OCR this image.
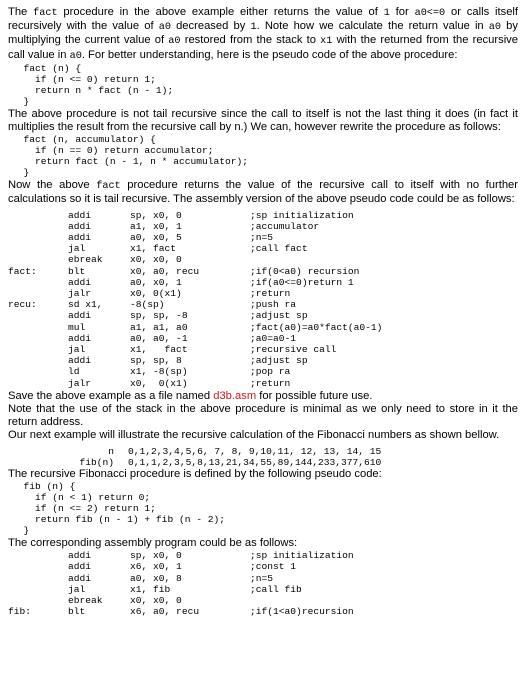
The fact procedure in the above example either returns the value of 1 for a0<=0 or calls itself recursively with the value of a0 decreased by 1. Note how we calculate the return value in a0 by multiplying the current value of a0 restored from the stack to x1 with the returned from the recursive call value in a0. For better understanding, here is the pseudo code of the above procedure:

fact (n) {
if (n <= 0) return 1;
return n * fact (n - 1);
}

The above procedure is not tail recursive since the call to itself is not the last thing it does (in fact it multiplies the result from the recursive call by n.) We can, however rewrite the procedure as follows:

fact (n, accumulator) {
if (n == 0) return accumulator;
return fact (n - 1, n * accumulator);
}

Now the above fact procedure returns the value of the recursive call to itself with no further calculations so it is tail recursive. The assembly version of the above pseudo code could be as follows:

	addi	sp, x0, 0	;sp initialization
	addi	a1, x0, 1	;accumulator
	addi	a0, x0, 5	;n=5
	jal	x1, fact	;call fact
	ebreak	x0, x0, 0	
fact:	blt	x0, a0, recu	;if(0<a0) recursion
	addi	a0, x0, 1	;if(a0<=0)return 1
	jalr	x0, 0(x1)	;return
recu:	sd x1,	-8(sp)	;push ra
	addi	sp, sp, -8	;adjust sp
	mul	a1, a1, a0	;fact(a0)=a0*fact(a0-1)
	addi	a0, a0, -1	;a0=a0-1
	jal	x1,   fact	;recursive call
	addi	sp, sp, 8	;adjust sp
	ld	x1, -8(sp)	;pop ra
	jalr	x0,  0(x1)	;return

Save the above example as a file named d3b.asm for possible future use.

Note that the use of the stack in the above procedure is minimal as we only need to store in it the return address.

Our next example will illustrate the recursive calculation of the Fibonacci numbers as shown bellow.

n	0,1,2,3,4,5,6, 7, 8, 9,10,11, 12, 13, 14, 15
fib(n)	0,1,1,2,3,5,8,13,21,34,55,89,144,233,377,610

The recursive Fibonacci procedure is defined by the following pseudo code:

fib (n) {
if (n < 1) return 0;
if (n <= 2) return 1;
return fib (n - 1) + fib (n - 2);
}

The corresponding assembly program could be as follows:

	addi	sp, x0, 0	;sp initialization
	addi	x6, x0, 1	;const 1
	addi	a0, x0, 8	;n=5
	jal	x1, fib	;call fib
	ebreak	x0, x0, 0	
fib:	blt	x6, a0, recu	;if(1<a0)recursion
